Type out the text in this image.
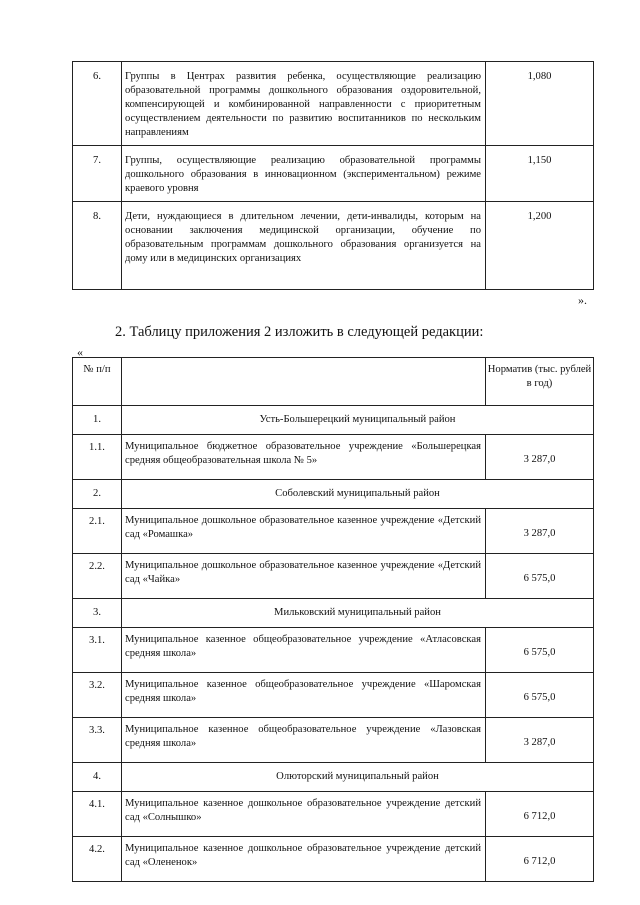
6.	Группы в Центрах развития ребенка, осуществляющие реализацию образовательной программы дошкольного образования оздоровительной, компенсирующей и комбинированной направленности с приоритетным осуществлением деятельности по развитию воспитанников по нескольким направлениям	1,080
7.	Группы, осуществляющие реализацию образовательной программы дошкольного образования в инновационном (экспериментальном) режиме краевого уровня	1,150
8.	Дети, нуждающиеся в длительном лечении, дети-инвалиды, которым на основании заключения медицинской организации, обучение по образовательным программам дошкольного образования организуется на дому или в медицинских организациях	1,200
».
2. Таблицу приложения 2 изложить в следующей редакции:
«
№ п/п		Норматив (тыс. рублей в год)
1.	Усть-Большерецкий муниципальный район	
1.1.	Муниципальное бюджетное образовательное учреждение «Большерецкая средняя общеобразовательная школа № 5»	3 287,0
2.	Соболевский муниципальный район	
2.1.	Муниципальное дошкольное образовательное казенное учреждение «Детский сад «Ромашка»	3 287,0
2.2.	Муниципальное дошкольное образовательное казенное учреждение «Детский сад «Чайка»	6 575,0
3.	Мильковский муниципальный район	
3.1.	Муниципальное казенное общеобразовательное учреждение «Атласовская средняя школа»	6 575,0
3.2.	Муниципальное казенное общеобразовательное учреждение «Шаромская средняя школа»	6 575,0
3.3.	Муниципальное казенное общеобразовательное учреждение «Лазовская средняя школа»	3 287,0
4.	Олюторский муниципальный район	
4.1.	Муниципальное казенное дошкольное образовательное учреждение детский сад «Солнышко»	6 712,0
4.2.	Муниципальное казенное дошкольное образовательное учреждение детский сад «Олененок»	6 712,0
